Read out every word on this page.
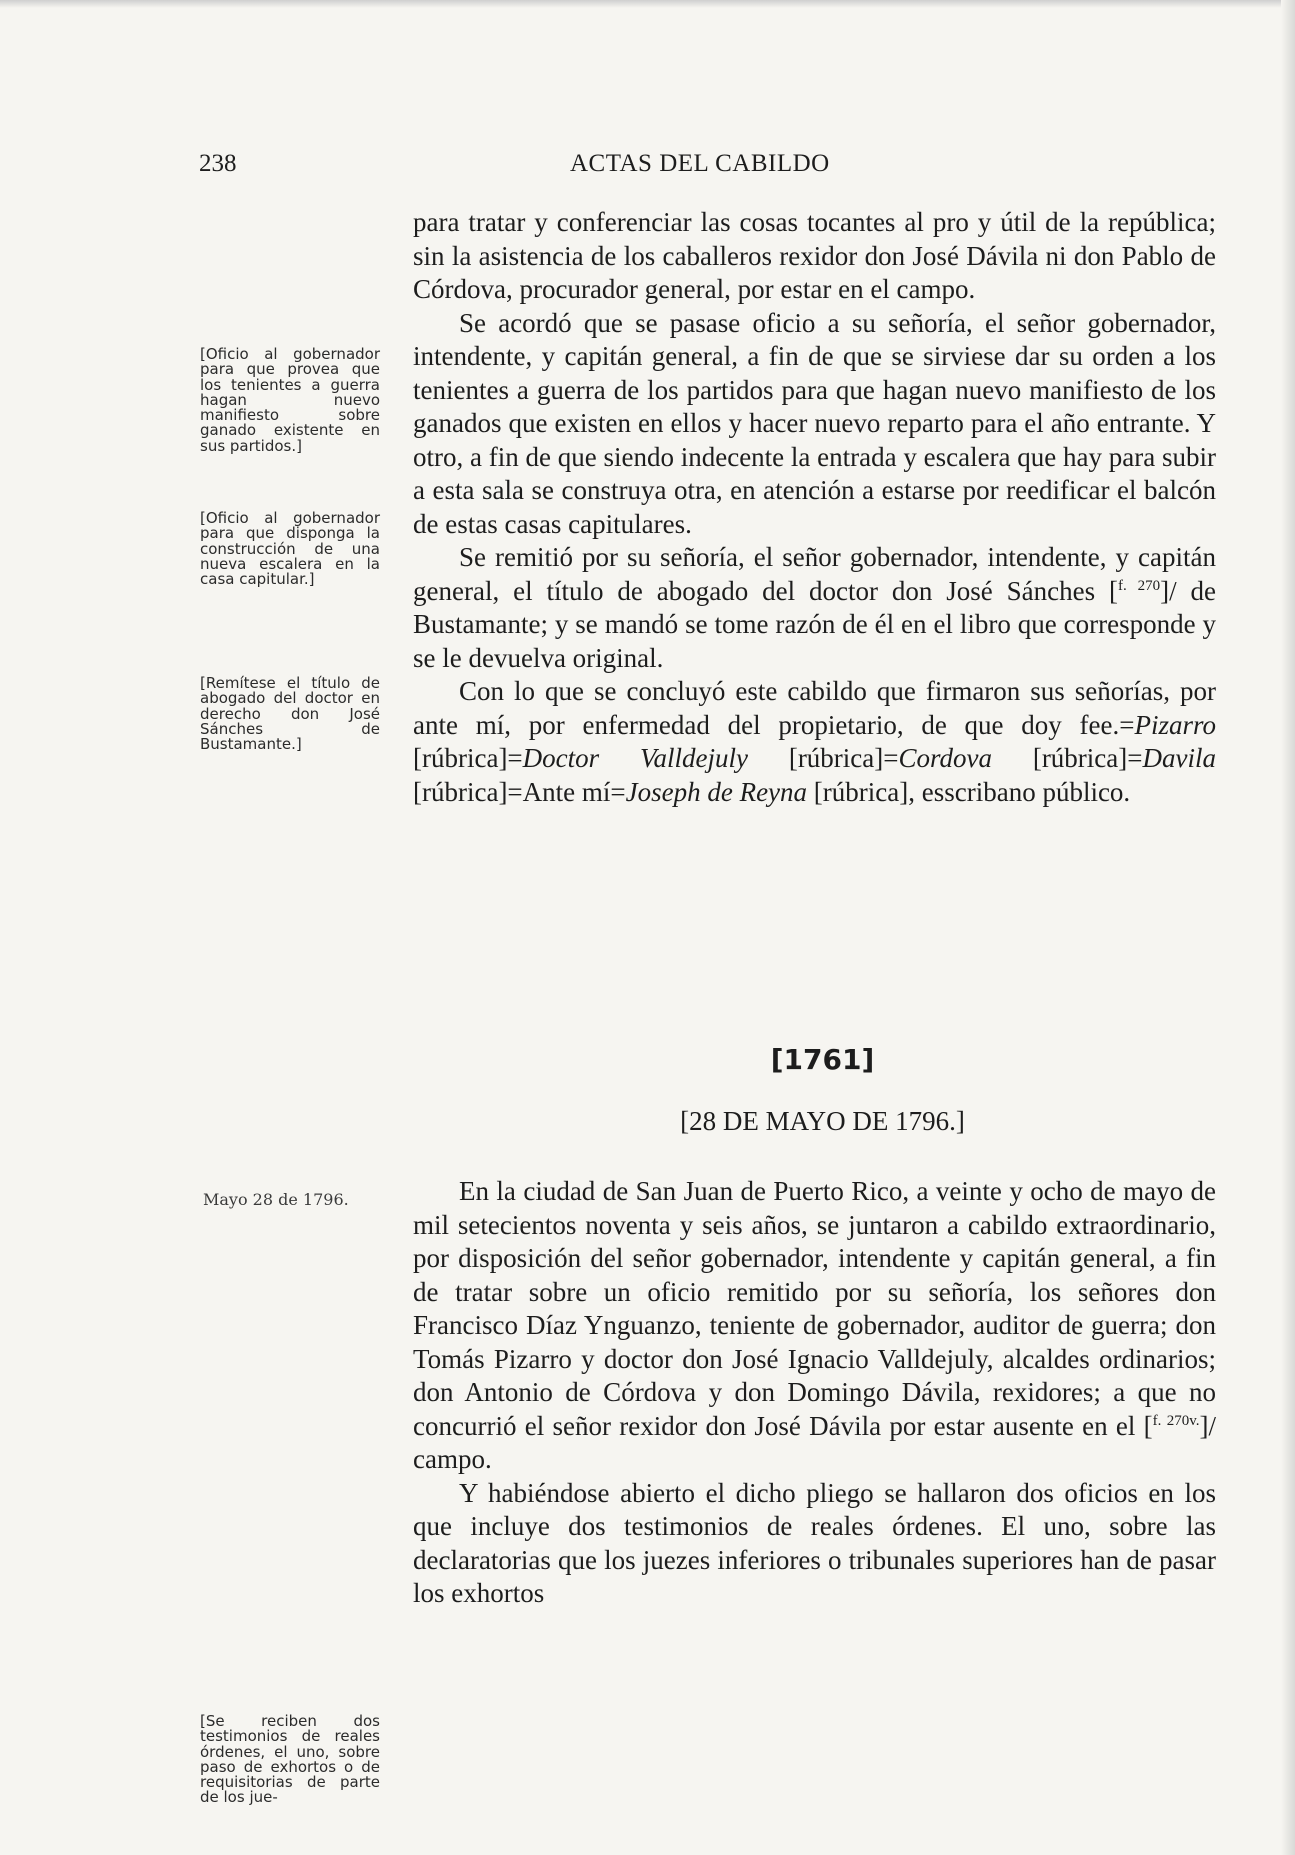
238	ACTAS DEL CABILDO

para tratar y conferenciar las cosas tocantes al pro y útil de la república; sin la asistencia de los caballeros rexidor don José Dávila ni don Pablo de Córdova, procurador general, por estar en el campo.

Se acordó que se pasase oficio a su señoría, el señor gobernador, intendente, y capitán general, a fin de que se sirviese dar su orden a los tenientes a guerra de los partidos para que hagan nuevo manifiesto de los ganados que existen en ellos y hacer nuevo reparto para el año entrante. Y otro, a fin de que siendo indecente la entrada y escalera que hay para subir a esta sala se construya otra, en atención a estarse por reedificar el balcón de estas casas capitulares.

Se remitió por su señoría, el señor gobernador, intendente, y capitán general, el título de abogado del doctor don José Sánches [$^{f. 270}$]/ de Bustamante; y se mandó se tome razón de él en el libro que corresponde y se le devuelva original.

Con lo que se concluyó este cabildo que firmaron sus señorías, por ante mí, por enfermedad del propietario, de que doy fee.=Pizarro [rúbrica]=Doctor Valldejuly [rúbrica]=Cordova [rúbrica]=Davila [rúbrica]=Ante mí=Joseph de Reyna [rúbrica], esscribano público.

[Oficio al gobernador para que provea que los tenientes a guerra hagan nuevo manifiesto sobre ganado existente en sus partidos.]
[Oficio al gobernador para que disponga la construcción de una nueva escalera en la casa capitular.]
[Remítese el título de abogado del doctor en derecho don José Sánches de Bustamante.]
[1761]
[28 DE MAYO DE 1796.]
Mayo 28 de 1796.	En la ciudad de San Juan de Puerto Rico, a veinte y ocho de mayo de mil setecientos noventa y seis años, se juntaron a cabildo extraordinario, por disposición del señor gobernador, intendente y capitán general, a fin de tratar sobre un oficio remitido por su señoría, los señores don Francisco Díaz Ynguanzo, teniente de gobernador, auditor de guerra; don Tomás Pizarro y doctor don José Ignacio Valldejuly, alcaldes ordinarios; don Antonio de Córdova y don Domingo Dávila, rexidores; a que no concurrió el señor rexidor don José Dávila por estar ausente en el [$^{f. 270v.}$]/ campo.

Y habiéndose abierto el dicho pliego se hallaron dos oficios en los que incluye dos testimonios de reales órdenes. El uno, sobre las declaratorias que los juezes inferiores o tribunales superiores han de pasar los exhortos

[Se reciben dos testimonios de reales órdenes, el uno, sobre paso de exhortos o de requisitorias de parte de los jue-
